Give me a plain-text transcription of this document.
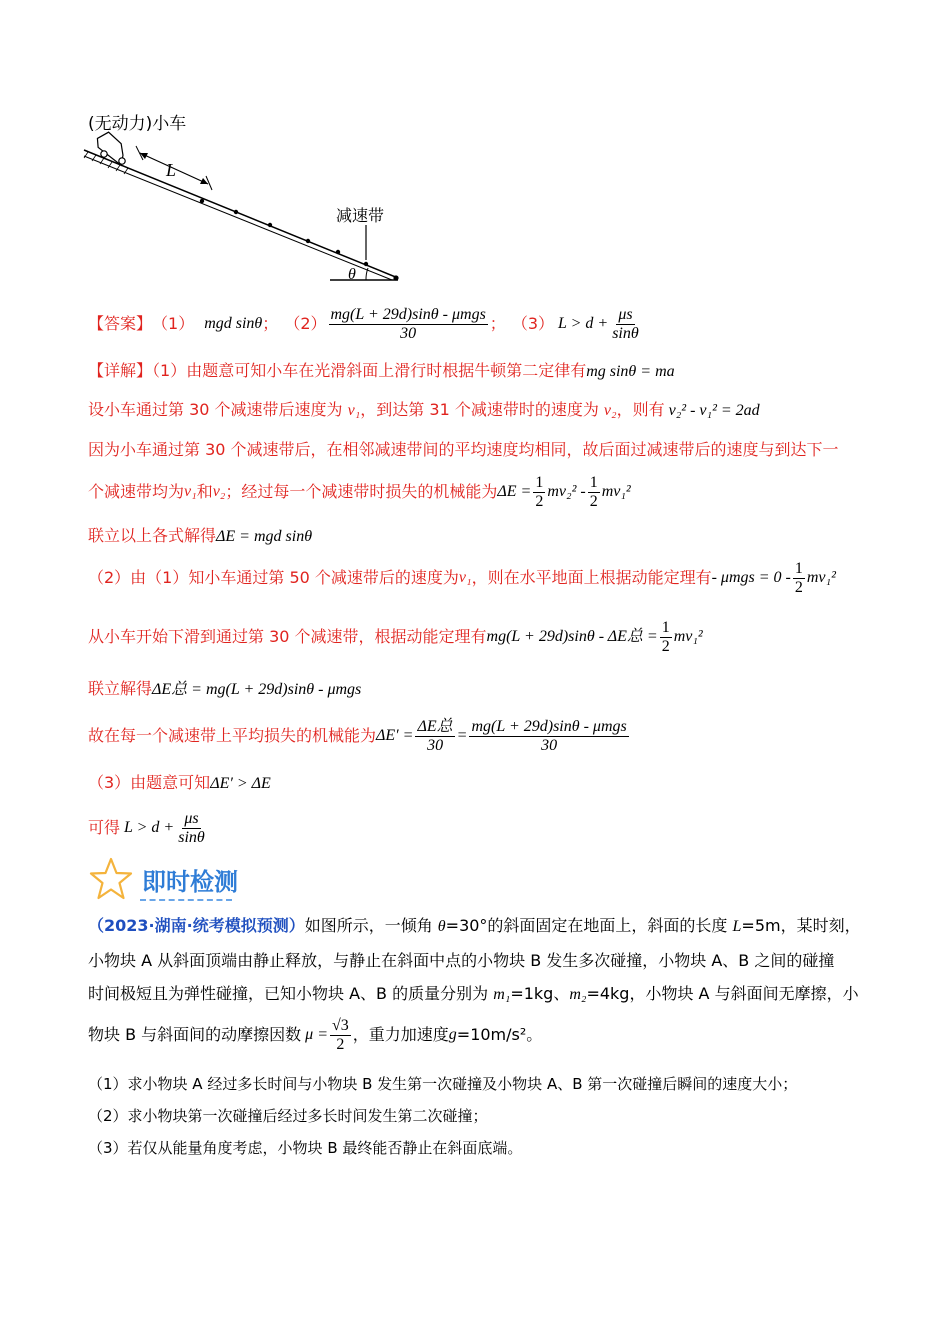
(无动力)小车
L
减速带
θ
【答案】 （1） mgd sinθ ； $(2) \frac{\text{mg(L + 29d)sinθ - μmgs}}{30}$ ； （3） $L > d + \frac{\mu s}{\sin\theta}$
【详解】（1）由题意可知小车在光滑斜面上滑行时根据牛顿第二定律有mg sinθ = ma
设小车通过第 30 个减速带后速度为 v₁，到达第 31 个减速带时的速度为 v₂，则有 v₂² - v₁² = 2ad
因为小车通过第 30 个减速带后，在相邻减速带间的平均速度均相同，故后面过减速带后的速度与到达下一
个减速带均为 v₁ 和 v₂ ；经过每一个减速带时损失的机械能为 $\Delta E = \frac{1}{2} mv_2^2 - \frac{1}{2} mv_1^2$
联立以上各式解得ΔE = mgd sinθ
（2）由（1）知小车通过第 50 个减速带后的速度为 v₁ ，则在水平地面上根据动能定理有 - $\mu mgs = 0 - \frac{1}{2} mv_1^2$
从小车开始下滑到通过第 30 个减速带，根据动能定理有 mg(L + 29d)sinθ - ΔE总 = $\frac{1}{2} mv_1^2$
联立解得ΔE总 = mg(L + 29d)sinθ - μmgs
故在每一个减速带上平均损失的机械能为 $\Delta E' = \frac{\text{ΔE总}}{30} = \frac{\text{mg(L + 29d)sinθ - μmgs}}{30}$
（3）由题意可知ΔE′ > ΔE
可得 $L > d + \frac{\mu s}{\sin\theta}$
即时检测
（2023·湖南·统考模拟预测）如图所示，一倾角 θ=30°的斜面固定在地面上，斜面的长度 L=5m，某时刻，
小物块 A 从斜面顶端由静止释放，与静止在斜面中点的小物块 B 发生多次碰撞，小物块 A、B 之间的碰撞
时间极短且为弹性碰撞，已知小物块 A、B 的质量分别为 m₁=1kg、m₂=4kg，小物块 A 与斜面间无摩擦，小
物块 B 与斜面间的动摩擦因数 $\mu = \frac{√3}{2}$ ，重力加速度 g =10m/s²。
（1）求小物块 A 经过多长时间与小物块 B 发生第一次碰撞及小物块 A、B 第一次碰撞后瞬间的速度大小；
（2）求小物块第一次碰撞后经过多长时间发生第二次碰撞；
（3）若仅从能量角度考虑，小物块 B 最终能否静止在斜面底端。
